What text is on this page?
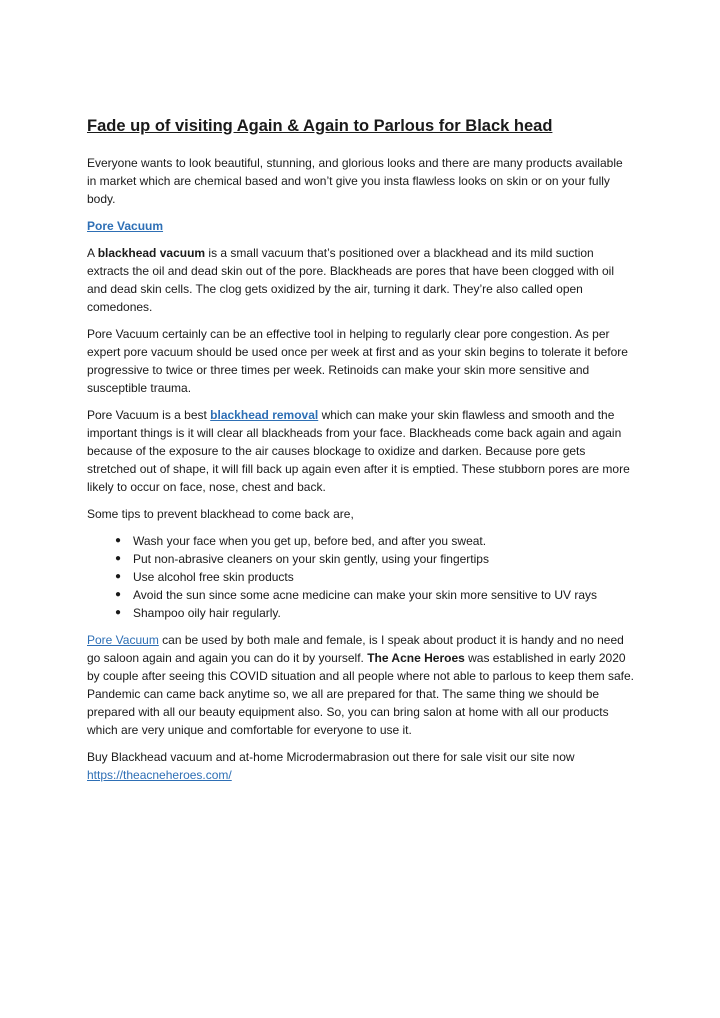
Fade up of visiting Again & Again to Parlous for Black head

Everyone wants to look beautiful, stunning, and glorious looks and there are many products available in market which are chemical based and won’t give you insta flawless looks on skin or on your fully body.

Pore Vacuum

A blackhead vacuum is a small vacuum that’s positioned over a blackhead and its mild suction extracts the oil and dead skin out of the pore. Blackheads are pores that have been clogged with oil and dead skin cells. The clog gets oxidized by the air, turning it dark. They’re also called open comedones.

Pore Vacuum certainly can be an effective tool in helping to regularly clear pore congestion. As per expert pore vacuum should be used once per week at first and as your skin begins to tolerate it before progressive to twice or three times per week. Retinoids can make your skin more sensitive and susceptible trauma.

Pore Vacuum is a best blackhead removal which can make your skin flawless and smooth and the important things is it will clear all blackheads from your face. Blackheads come back again and again because of the exposure to the air causes blockage to oxidize and darken. Because pore gets stretched out of shape, it will fill back up again even after it is emptied. These stubborn pores are more likely to occur on face, nose, chest and back.

Some tips to prevent blackhead to come back are,

● Wash your face when you get up, before bed, and after you sweat.
● Put non-abrasive cleaners on your skin gently, using your fingertips
● Use alcohol free skin products
● Avoid the sun since some acne medicine can make your skin more sensitive to UV rays
● Shampoo oily hair regularly.

Pore Vacuum can be used by both male and female, is I speak about product it is handy and no need go saloon again and again you can do it by yourself. The Acne Heroes was established in early 2020 by couple after seeing this COVID situation and all people where not able to parlous to keep them safe. Pandemic can came back anytime so, we all are prepared for that. The same thing we should be prepared with all our beauty equipment also. So, you can bring salon at home with all our products which are very unique and comfortable for everyone to use it.

Buy Blackhead vacuum and at-home Microdermabrasion out there for sale visit our site now https://theacneheroes.com/
